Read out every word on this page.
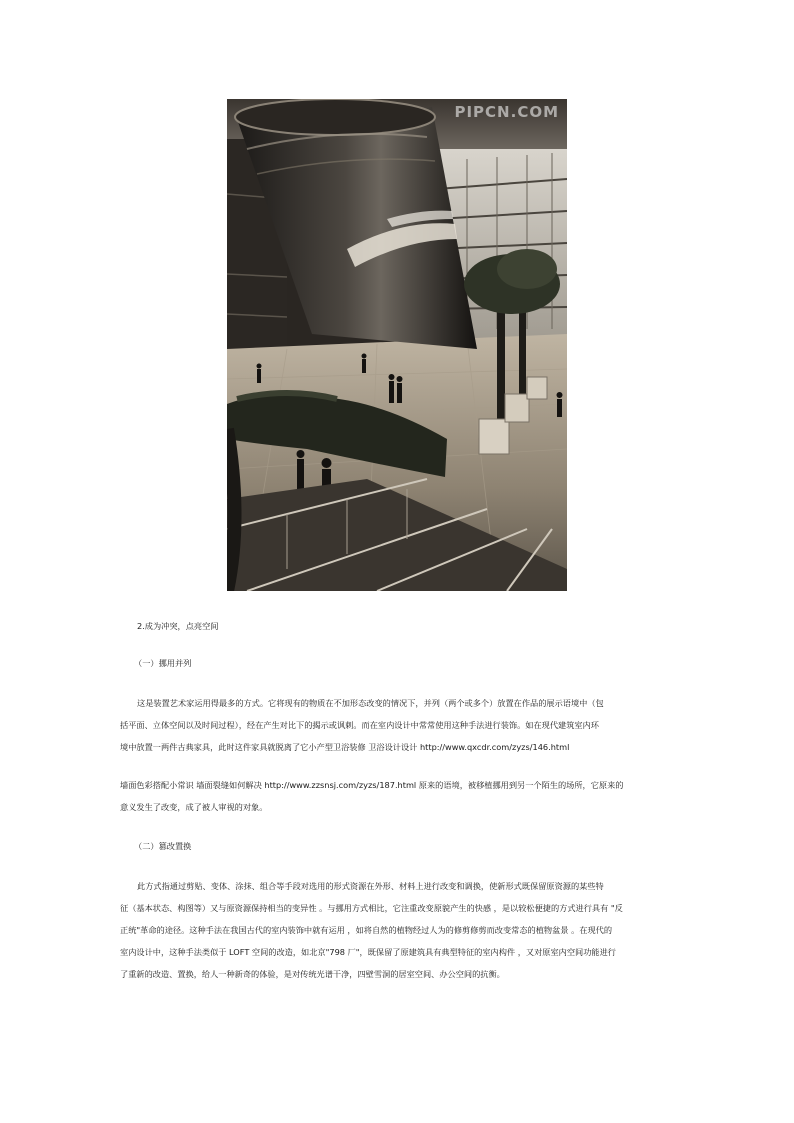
PIPCN.COM
2.成为冲突，点亮空间
（一）挪用并列
这是装置艺术家运用得最多的方式。它将现有的物质在不加形态改变的情况下，并列（两个或多个）放置在作品的展示语境中（包
括平面、立体空间以及时间过程），经在产生对比下的揭示或讽刺。而在室内设计中常常使用这种手法进行装饰。如在现代建筑室内环
境中放置一两件古典家具，此时这件家具就脱离了它小产型卫浴装修 卫浴设计设计 http://www.qxcdr.com/zyzs/146.html
墙面色彩搭配小常识 墙面裂缝如何解决 http://www.zzsnsj.com/zyzs/187.html 原来的语境，被移植挪用到另一个陌生的场所，它原来的
意义发生了改变，成了被人审视的对象。
（二）篡改置换
此方式指通过剪贴、变体、涂抹、组合等手段对选用的形式资源在外形、材料上进行改变和调换，使新形式既保留原资源的某些特
征（基本状态、构图等）又与原资源保持相当的变异性 。与挪用方式相比，它注重改变原貌产生的快感 ，是以较松便捷的方式进行具有 "反
正统"革命的途径。这种手法在我国古代的室内装饰中就有运用 ，如将自然的植物经过人为的修剪修剪而改变常态的植物盆景 。在现代的
室内设计中，这种手法类似于 LOFT 空间的改造，如北京"798 厂"，既保留了原建筑具有典型特征的室内构件 ，又对原室内空间功能进行
了重新的改造、置换，给人一种新奇的体验，是对传统光谱干净，四壁雪洞的居室空间、办公空间的抗衡。
